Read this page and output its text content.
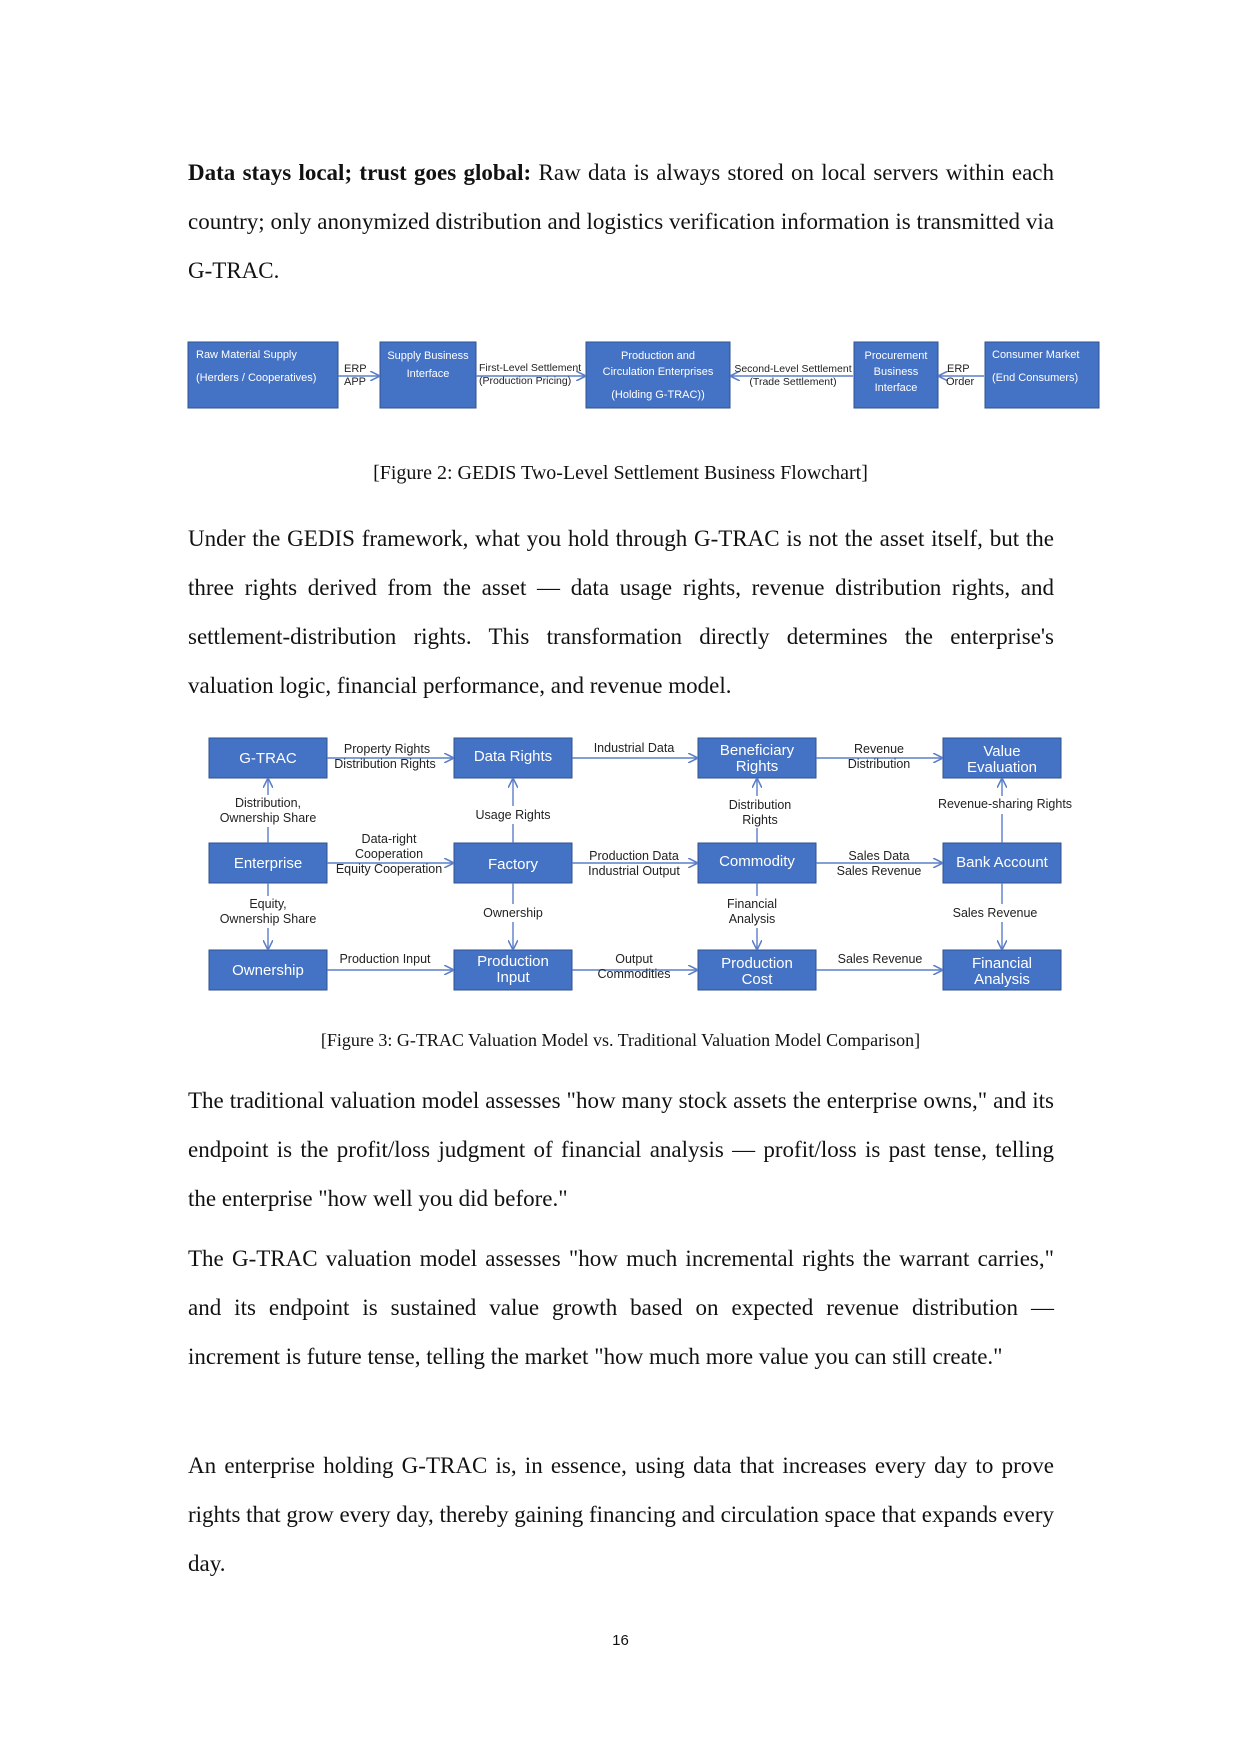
Data stays local; trust goes global: Raw data is always stored on local servers within each country; only anonymized distribution and logistics verification information is transmitted via G-TRAC.

Raw Material Supply
(Herders / Cooperatives)
Supply Business
Interface
Production and
Circulation Enterprises
(Holding G-TRAC))
Procurement
Business
Interface
Consumer Market
(End Consumers)
ERP
APP
First-Level Settlement
(Production Pricing)
Second-Level Settlement
(Trade Settlement)
ERP
Order
G-TRAC	Data Rights	Beneficiary
Rights
Value
Evaluation
Enterprise	Factory	Commodity	Bank Account
Ownership
Production
Input
Production
Cost
Financial
Analysis
Property Rights
Distribution Rights
Industrial Data	Revenue
Distribution
Distribution,
Ownership Share	Usage Rights
Distribution
Rights
Revenue-sharing Rights
Data-right
Cooperation
Equity Cooperation
Production Data
Industrial Output
Sales Data
Sales Revenue
Equity,
Ownership Share	Ownership
Financial
Analysis	Sales Revenue
Production Input	Output
Commodities
Sales Revenue

[Figure 2: GEDIS Two-Level Settlement Business Flowchart]

Under the GEDIS framework, what you hold through G-TRAC is not the asset itself, but the three rights derived from the asset — data usage rights, revenue distribution rights, and settlement-distribution rights. This transformation directly determines the enterprise's valuation logic, financial performance, and revenue model.

[Figure 3: G-TRAC Valuation Model vs. Traditional Valuation Model Comparison]

The traditional valuation model assesses "how many stock assets the enterprise owns," and its endpoint is the profit/loss judgment of financial analysis — profit/loss is past tense, telling the enterprise "how well you did before."

The G-TRAC valuation model assesses "how much incremental rights the warrant carries," and its endpoint is sustained value growth based on expected revenue distribution — increment is future tense, telling the market "how much more value you can still create."

An enterprise holding G-TRAC is, in essence, using data that increases every day to prove rights that grow every day, thereby gaining financing and circulation space that expands every day.

16
